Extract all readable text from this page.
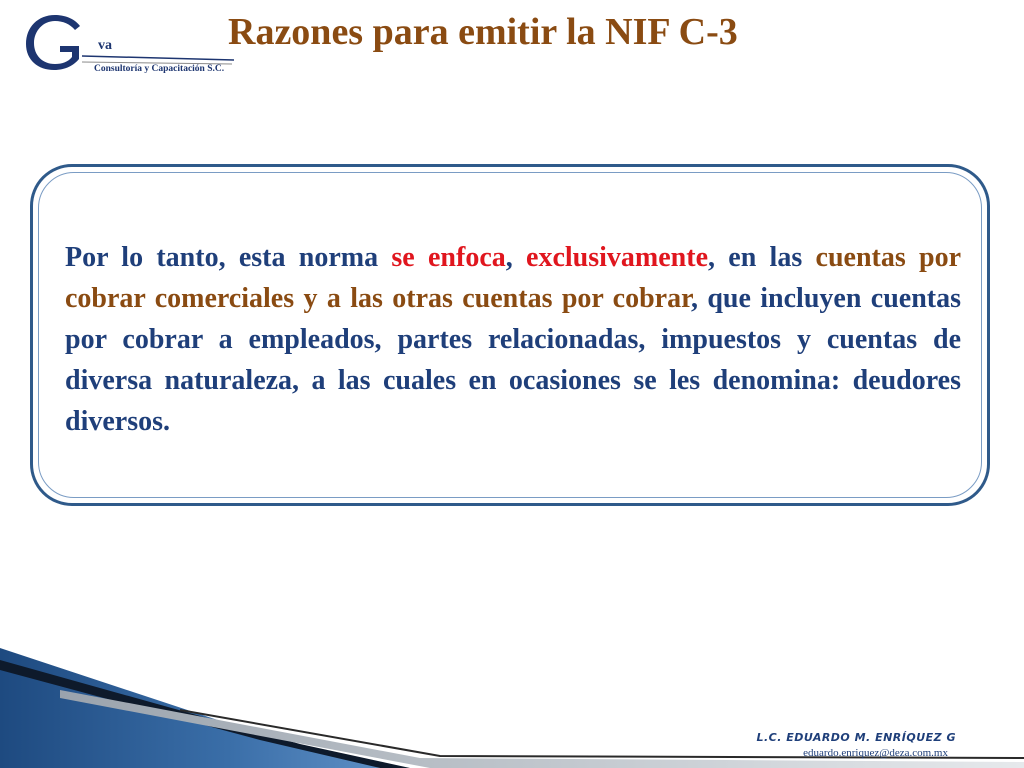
va
Consultoría y Capacitación S.C.
Razones para emitir la NIF C-3

Por lo tanto, esta norma se enfoca, exclusivamente, en las cuentas por cobrar comerciales y a las otras cuentas por cobrar, que incluyen cuentas por cobrar a empleados, partes relacionadas, impuestos y cuentas de diversa naturaleza, a las cuales en ocasiones se les denomina: deudores diversos.

L.C. EDUARDO M. ENRÍQUEZ G
eduardo.enriquez@deza.com.mx
